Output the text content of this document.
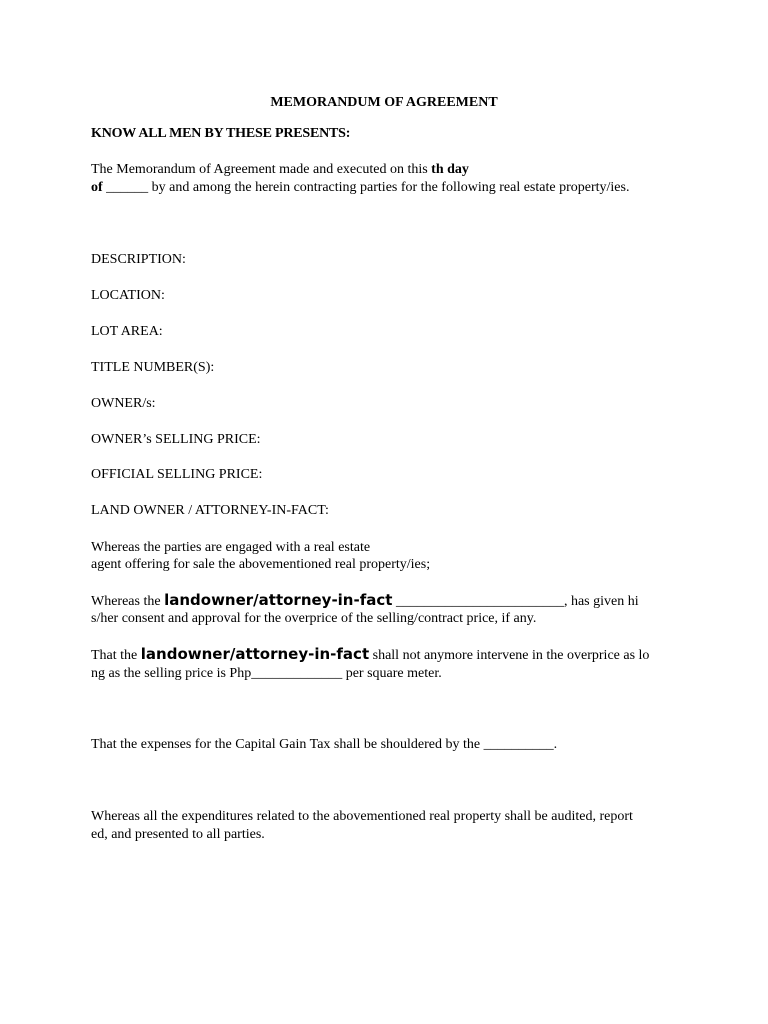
MEMORANDUM OF AGREEMENT
KNOW ALL MEN BY THESE PRESENTS:
The Memorandum of Agreement made and executed on this th day
of ______ by and among the herein contracting parties for the following real estate property/ies.
DESCRIPTION:
LOCATION:
LOT AREA:
TITLE NUMBER(S):
OWNER/s:
OWNER’s SELLING PRICE:
OFFICIAL SELLING PRICE:
LAND OWNER / ATTORNEY-IN-FACT:
Whereas the parties are engaged with a real estate
agent offering for sale the abovementioned real property/ies;
Whereas the landowner/attorney-in-fact ________________________, has given hi
s/her consent and approval for the overprice of the selling/contract price, if any.
That the landowner/attorney-in-fact shall not anymore intervene in the overprice as lo
ng as the selling price is Php_____________ per square meter.
That the expenses for the Capital Gain Tax shall be shouldered by the __________.
Whereas all the expenditures related to the abovementioned real property shall be audited, report
ed, and presented to all parties.
